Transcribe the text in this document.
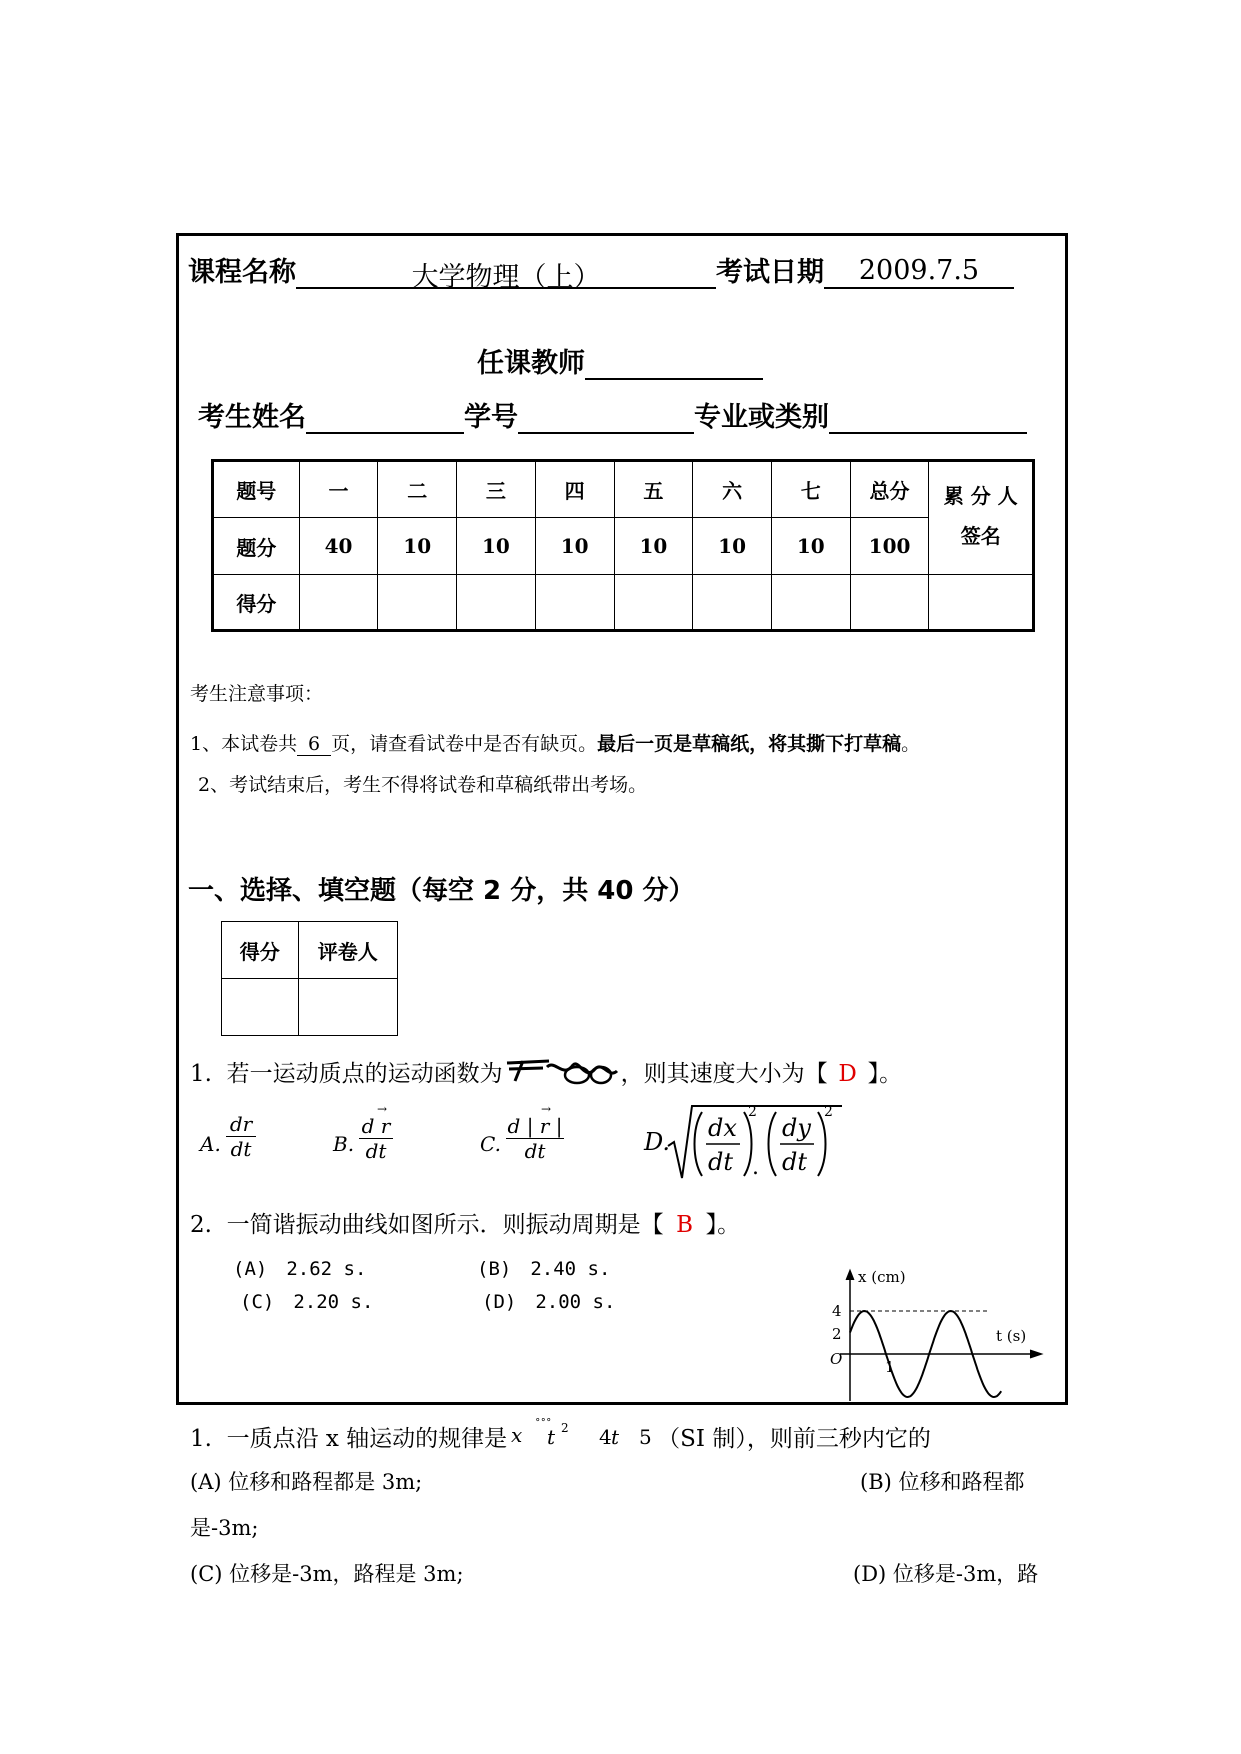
课程名称	大学物理（上）	考试日期 2009.7.5
任课教师
考生姓名	学号	专业或类别
题号	一	二	三	四	五	六	七	总分	累 分 人
签名

题分	40	10	10	10	10	10	10	100	
得分									
考生注意事项：
1、本试卷共 6 页，请查看试卷中是否有缺页。最后一页是草稿纸，将其撕下打草稿。
2、考试结束后，考生不得将试卷和草稿纸带出考场。
一、选择、填空题（每空 2 分，共 40 分）
得分	评卷人

1. 若一运动质点的运动函数为	，则其速度大小为【 D 】。
A. $\frac{dr}{dt}$	B.
→
d r
dt	C.
→
d | r |
dt	D. dx
dt
2
.
dy
dt
2
2. 一简谐振动曲线如图所示．则振动周期是【 B 】。
(A)　2.62 s.	(B)　2.40 s.
(C)　2.20 s.	(D)　2.00 s.
x (cm)
t (s)
4
2
O	1
1. 一质点沿 x 轴运动的规律是 x ˚˚˚
t 2 4 t 5 （SI 制），则前三秒内它的
(A) 位移和路程都是 3m;	(B) 位移和路程都
是-3m;
(C) 位移是-3m，路程是 3m;	(D) 位移是-3m，路
